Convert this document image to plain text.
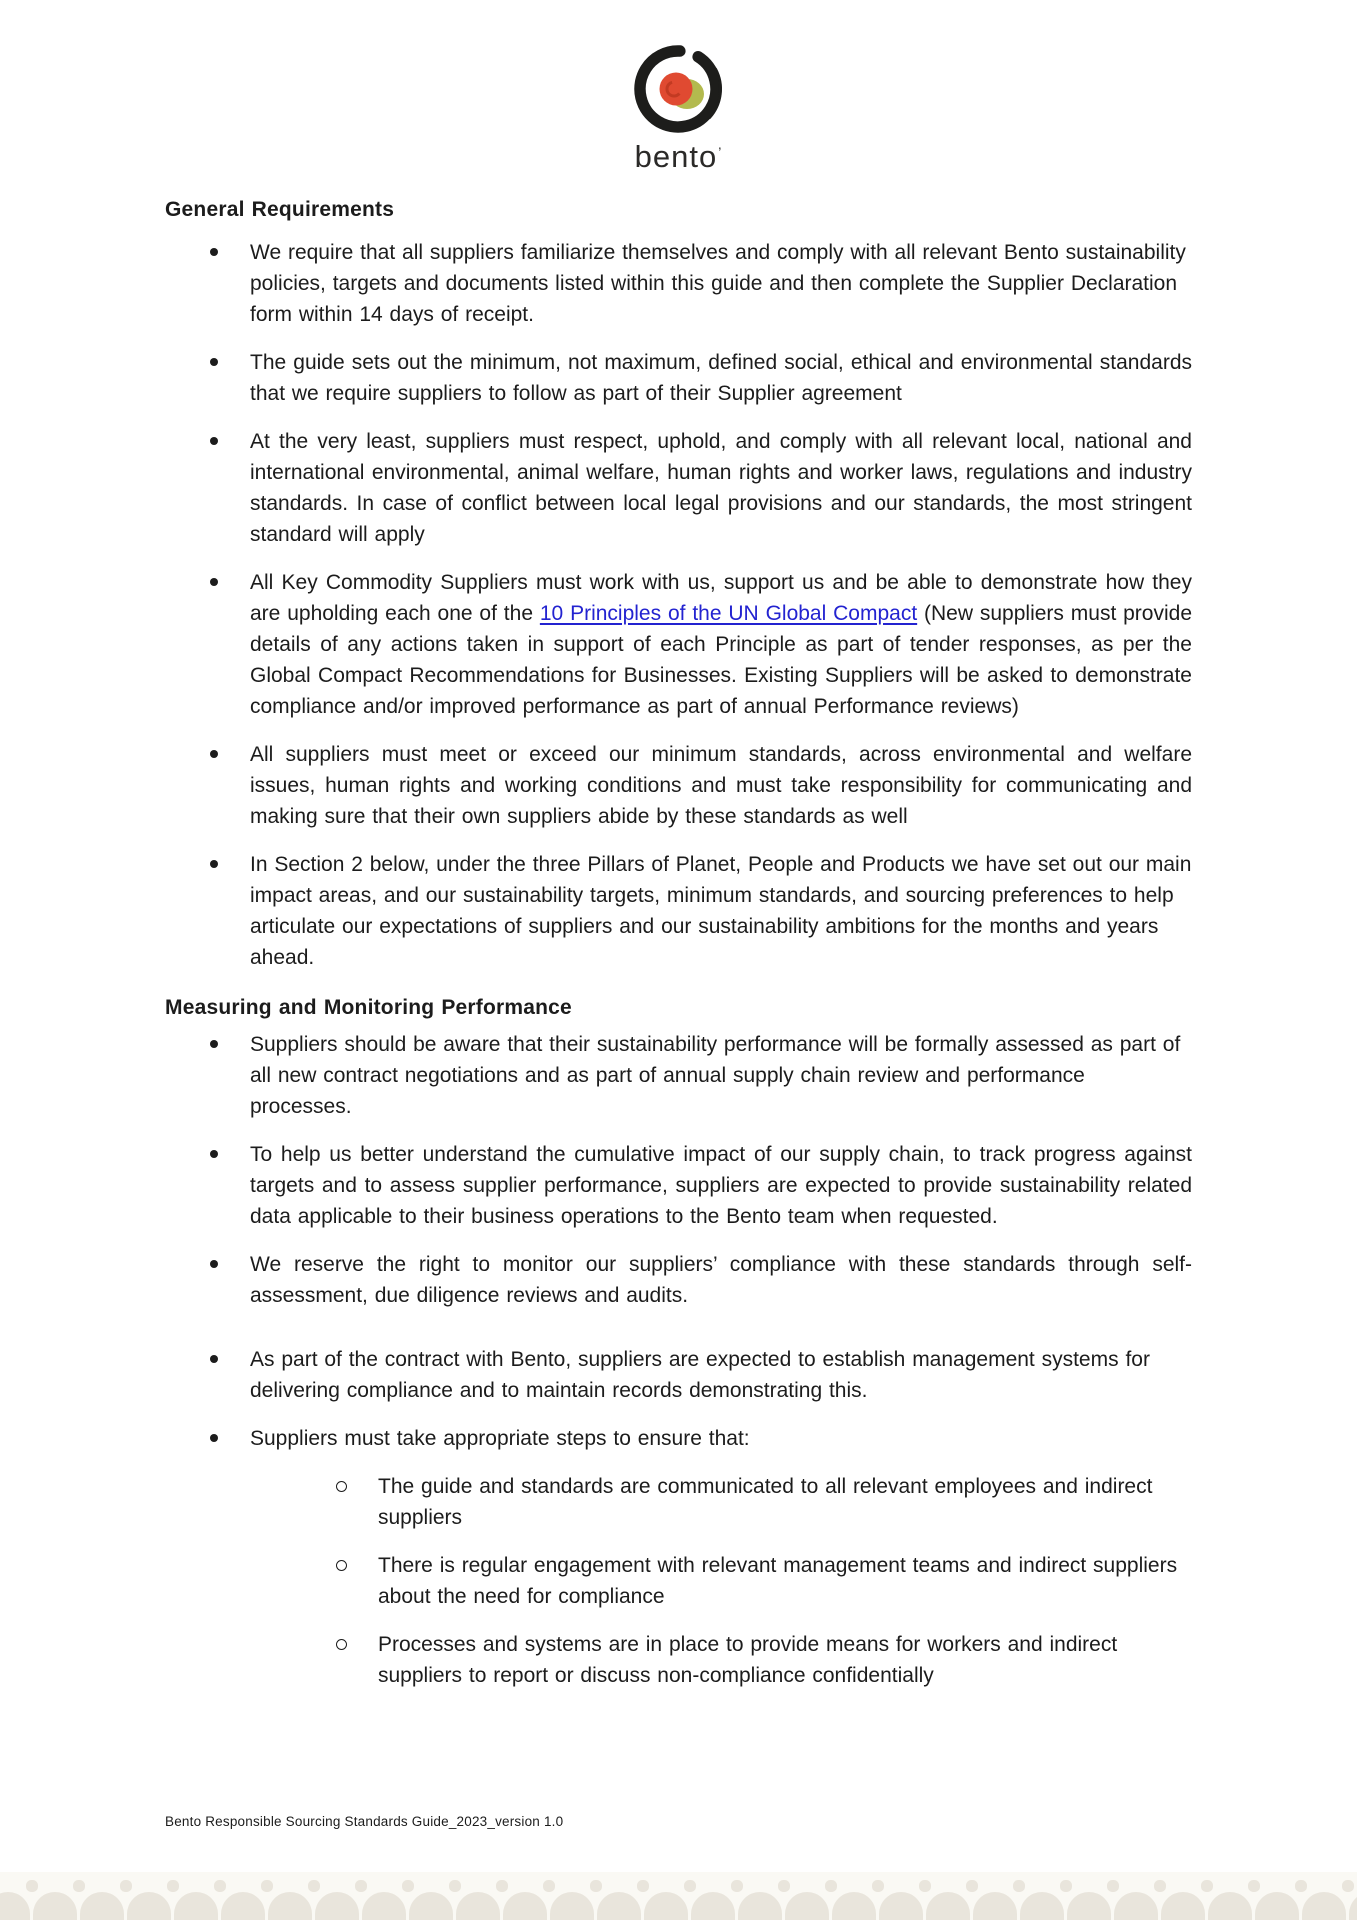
bento’
General Requirements
We require that all suppliers familiarize themselves and comply with all relevant Bento sustainability policies, targets and documents listed within this guide and then complete the Supplier Declaration form within 14 days of receipt.
The guide sets out the minimum, not maximum, defined social, ethical and environmental standards that we require suppliers to follow as part of their Supplier agreement
At the very least, suppliers must respect, uphold, and comply with all relevant local, national and international environmental, animal welfare, human rights and worker laws, regulations and industry standards. In case of conflict between local legal provisions and our standards, the most stringent standard will apply
All Key Commodity Suppliers must work with us, support us and be able to demonstrate how they are upholding each one of the 10 Principles of the UN Global Compact (New suppliers must provide details of any actions taken in support of each Principle as part of tender responses, as per the Global Compact Recommendations for Businesses. Existing Suppliers will be asked to demonstrate compliance and/or improved performance as part of annual Performance reviews)
All suppliers must meet or exceed our minimum standards, across environmental and welfare issues, human rights and working conditions and must take responsibility for communicating and making sure that their own suppliers abide by these standards as well
In Section 2 below, under the three Pillars of Planet, People and Products we have set out our main impact areas, and our sustainability targets, minimum standards, and sourcing preferences to help articulate our expectations of suppliers and our sustainability ambitions for the months and years ahead.
Measuring and Monitoring Performance
Suppliers should be aware that their sustainability performance will be formally assessed as part of all new contract negotiations and as part of annual supply chain review and performance processes.
To help us better understand the cumulative impact of our supply chain, to track progress against targets and to assess supplier performance, suppliers are expected to provide sustainability related data applicable to their business operations to the Bento team when requested.
We reserve the right to monitor our suppliers’ compliance with these standards through self-assessment, due diligence reviews and audits.
As part of the contract with Bento, suppliers are expected to establish management systems for delivering compliance and to maintain records demonstrating this.
Suppliers must take appropriate steps to ensure that:
The guide and standards are communicated to all relevant employees and indirect suppliers
There is regular engagement with relevant management teams and indirect suppliers about the need for compliance
Processes and systems are in place to provide means for workers and indirect suppliers to report or discuss non-compliance confidentially
Bento Responsible Sourcing Standards Guide_2023_version 1.0
